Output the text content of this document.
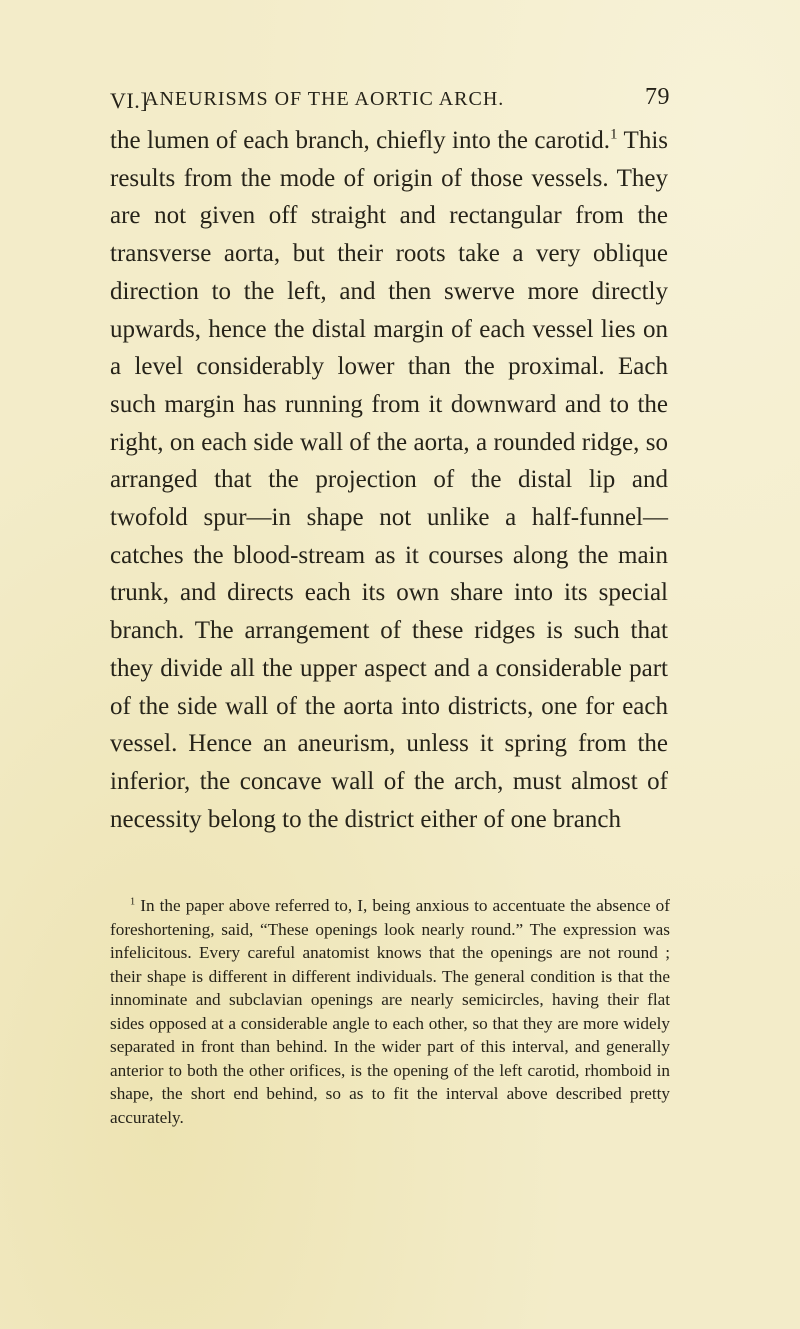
VI.]
ANEURISMS OF THE AORTIC ARCH.	79

the lumen of each branch, chiefly into the carotid.$^1$ This results from the mode of origin of those vessels. They are not given off straight and rectangular from the transverse aorta, but their roots take a very oblique direction to the left, and then swerve more directly upwards, hence the distal margin of each vessel lies on a level considerably lower than the proximal. Each such margin has running from it downward and to the right, on each side wall of the aorta, a rounded ridge, so arranged that the projection of the distal lip and twofold spur—in shape not unlike a half-funnel—catches the blood-stream as it courses along the main trunk, and directs each its own share into its special branch. The arrangement of these ridges is such that they divide all the upper aspect and a considerable part of the side wall of the aorta into districts, one for each vessel. Hence an aneurism, unless it spring from the inferior, the concave wall of the arch, must almost of necessity belong to the district either of one branch

$^1$ In the paper above referred to, I, being anxious to accentuate the absence of foreshortening, said, “These openings look nearly round.” The expression was infelicitous. Every careful anatomist knows that the openings are not round ; their shape is different in different individuals. The general condition is that the innominate and subclavian openings are nearly semicircles, having their flat sides opposed at a considerable angle to each other, so that they are more widely separated in front than behind. In the wider part of this interval, and generally anterior to both the other orifices, is the opening of the left carotid, rhomboid in shape, the short end behind, so as to fit the interval above described pretty accurately.
